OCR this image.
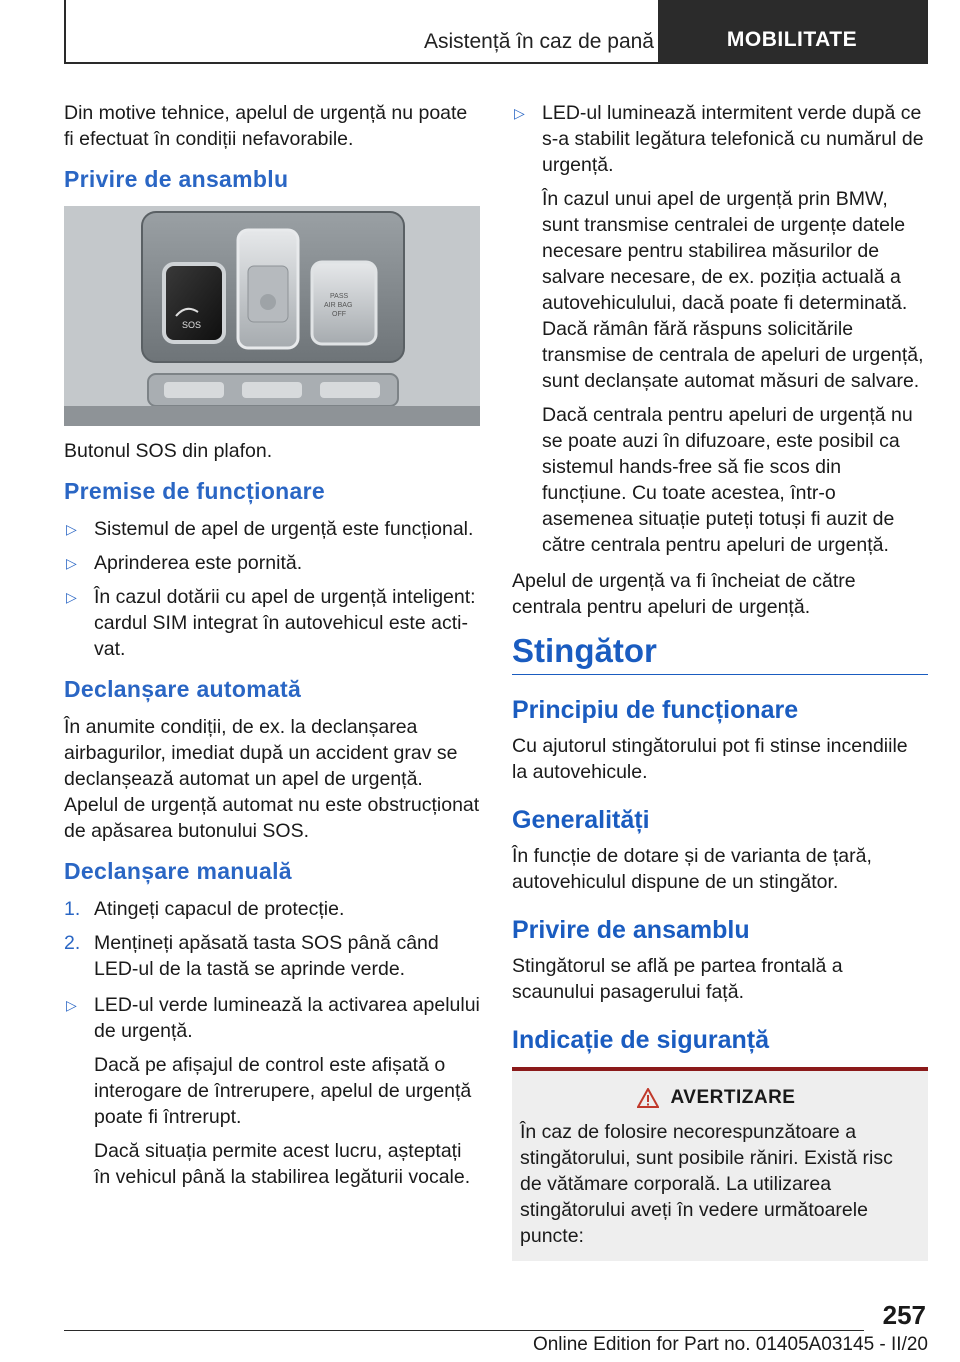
Asistență în caz de pană	MOBILITATE

Din motive tehnice, apelul de urgență nu poate fi efectuat în condiții nefavorabile.

Privire de ansamblu
SOS
PASS
AIR BAG
OFF

Butonul SOS din plafon.

Premise de funcționare
▷ Sistemul de apel de urgență este funcțional.
▷ Aprinderea este pornită.
▷ În cazul dotării cu apel de urgență inteligent: cardul SIM integrat în autovehicul este activat.
Declanșare automată

În anumite condiții, de ex. la declanșarea airbagurilor, imediat după un accident grav se declanșează automat un apel de urgență. Apelul de urgență automat nu este obstrucționat de apăsarea butonului SOS.

Declanșare manuală
1. Atingeți capacul de protecție.
2. Mențineți apăsată tasta SOS până când LED-ul de la tastă se aprinde verde.
▷ LED-ul verde luminează la activarea apelului de urgență.

Dacă pe afișajul de control este afișată o interogare de întrerupere, apelul de urgență poate fi întrerupt.

Dacă situația permite acest lucru, așteptați în vehicul până la stabilirea legăturii vocale.

▷ LED-ul luminează intermitent verde după ce s-a stabilit legătura telefonică cu numărul de urgență.

În cazul unui apel de urgență prin BMW, sunt transmise centralei de urgențe datele necesare pentru stabilirea măsurilor de salvare necesare, de ex. poziția actuală a autovehiculului, dacă poate fi determinată. Dacă rămân fără răspuns solicitările transmise de centrala de apeluri de urgență, sunt declanșate automat măsuri de salvare.

Dacă centrala pentru apeluri de urgență nu se poate auzi în difuzoare, este posibil ca sistemul hands-free să fie scos din funcțiune. Cu toate acestea, într-o asemenea situație puteți totuși fi auzit de către centrala pentru apeluri de urgență.

Apelul de urgență va fi încheiat de către centrala pentru apeluri de urgență.

Stingător
Principiu de funcționare

Cu ajutorul stingătorului pot fi stinse incendiile la autovehicule.

Generalități

În funcție de dotare și de varianta de țară, autovehiculul dispune de un stingător.

Privire de ansamblu

Stingătorul se află pe partea frontală a scaunului pasagerului față.

Indicație de siguranță
AVERTIZARE

În caz de folosire necorespunzătoare a stingătorului, sunt posibile răniri. Există risc de vătămare corporală. La utilizarea stingătorului aveți în vedere următoarele puncte:

257
Online Edition for Part no. 01405A03145 - II/20
